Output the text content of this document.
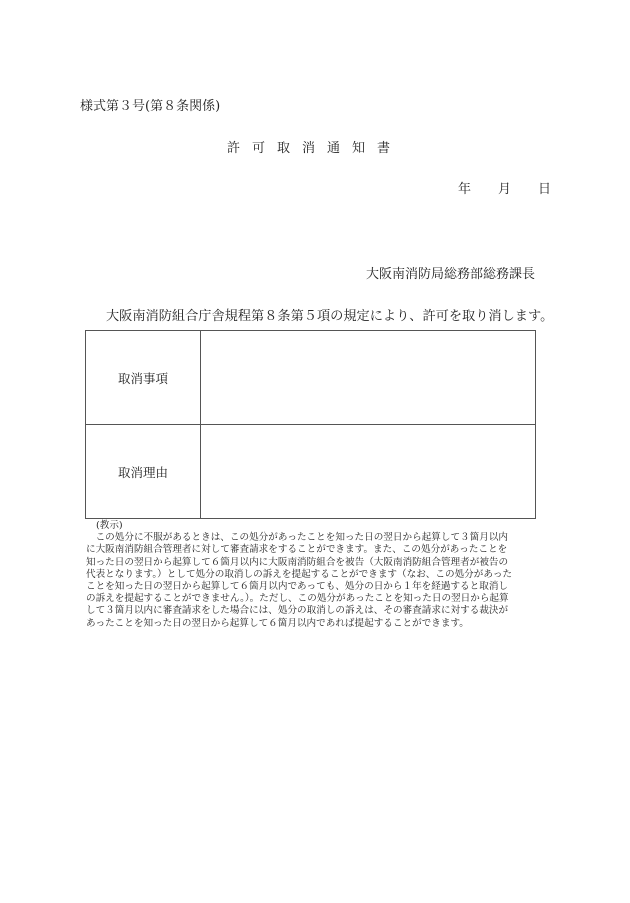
様式第３号(第８条関係)
許 可 取 消 通 知 書
年 月 日
大阪南消防局総務部総務課長
大阪南消防組合庁舎規程第８条第５項の規定により、許可を取り消します。
取消事項	
取消理由	
(教示)
　この処分に不服があるときは、この処分があったことを知った日の翌日から起算して３箇月以内
に大阪南消防組合管理者に対して審査請求をすることができます。また、この処分があったことを
知った日の翌日から起算して６箇月以内に大阪南消防組合を被告（大阪南消防組合管理者が被告の
代表となります。）として処分の取消しの訴えを提起することができます（なお、この処分があった
ことを知った日の翌日から起算して６箇月以内であっても、処分の日から１年を経過すると取消し
の訴えを提起することができません。）。ただし、この処分があったことを知った日の翌日から起算
して３箇月以内に審査請求をした場合には、処分の取消しの訴えは、その審査請求に対する裁決が
あったことを知った日の翌日から起算して６箇月以内であれば提起することができます。
